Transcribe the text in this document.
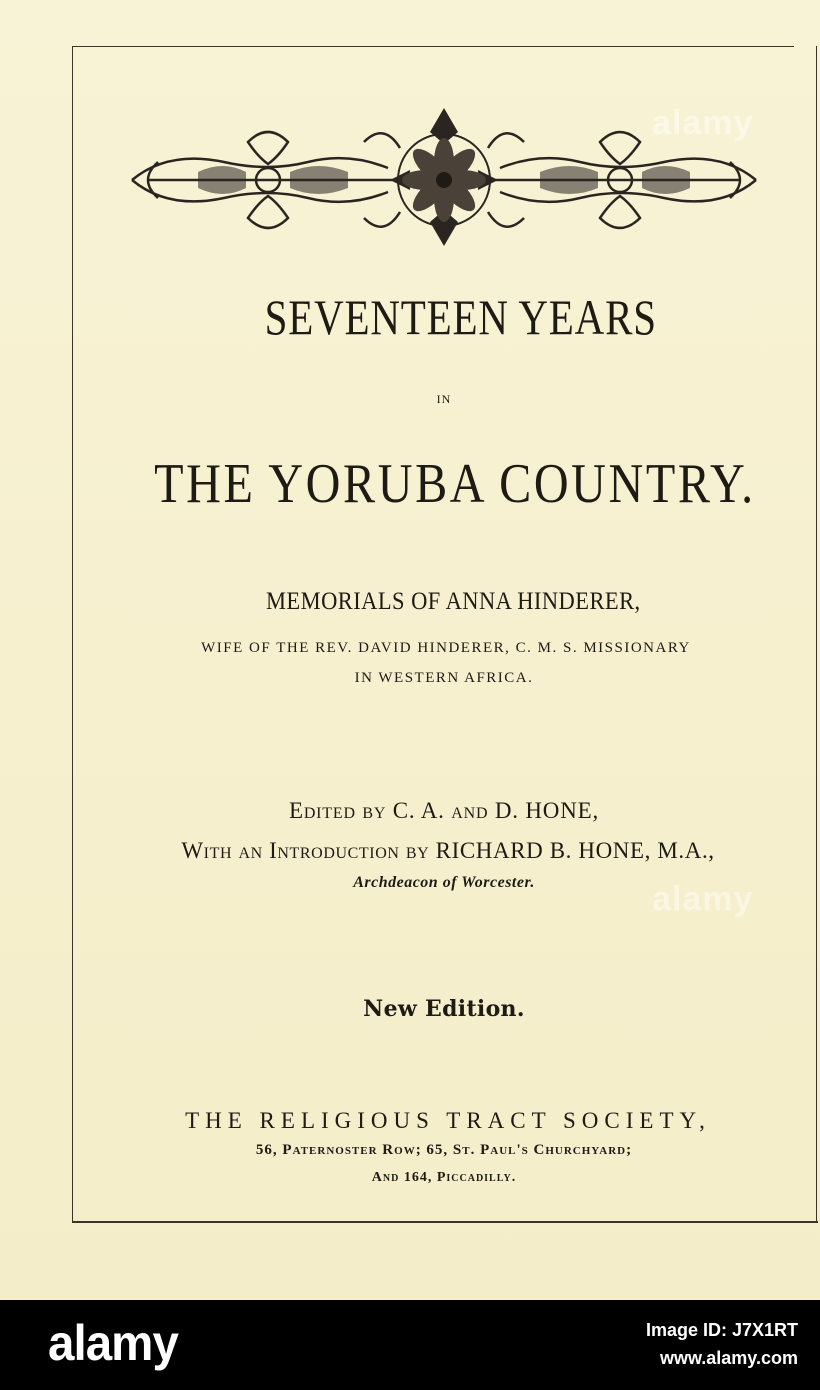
SEVENTEEN YEARS
IN
THE YORUBA COUNTRY.
MEMORIALS OF ANNA HINDERER,
WIFE OF THE REV. DAVID HINDERER, C. M. S. MISSIONARY
IN WESTERN AFRICA.
Edited by C. A. and D. HONE,
With an Introduction by RICHARD B. HONE, M.A.,
Archdeacon of Worcester.
New Edition.
THE RELIGIOUS TRACT SOCIETY,
56, Paternoster Row; 65, St. Paul's Churchyard;
And 164, Piccadilly.
alamy
alamy
alamy	Image ID: J7X1RT
www.alamy.com
